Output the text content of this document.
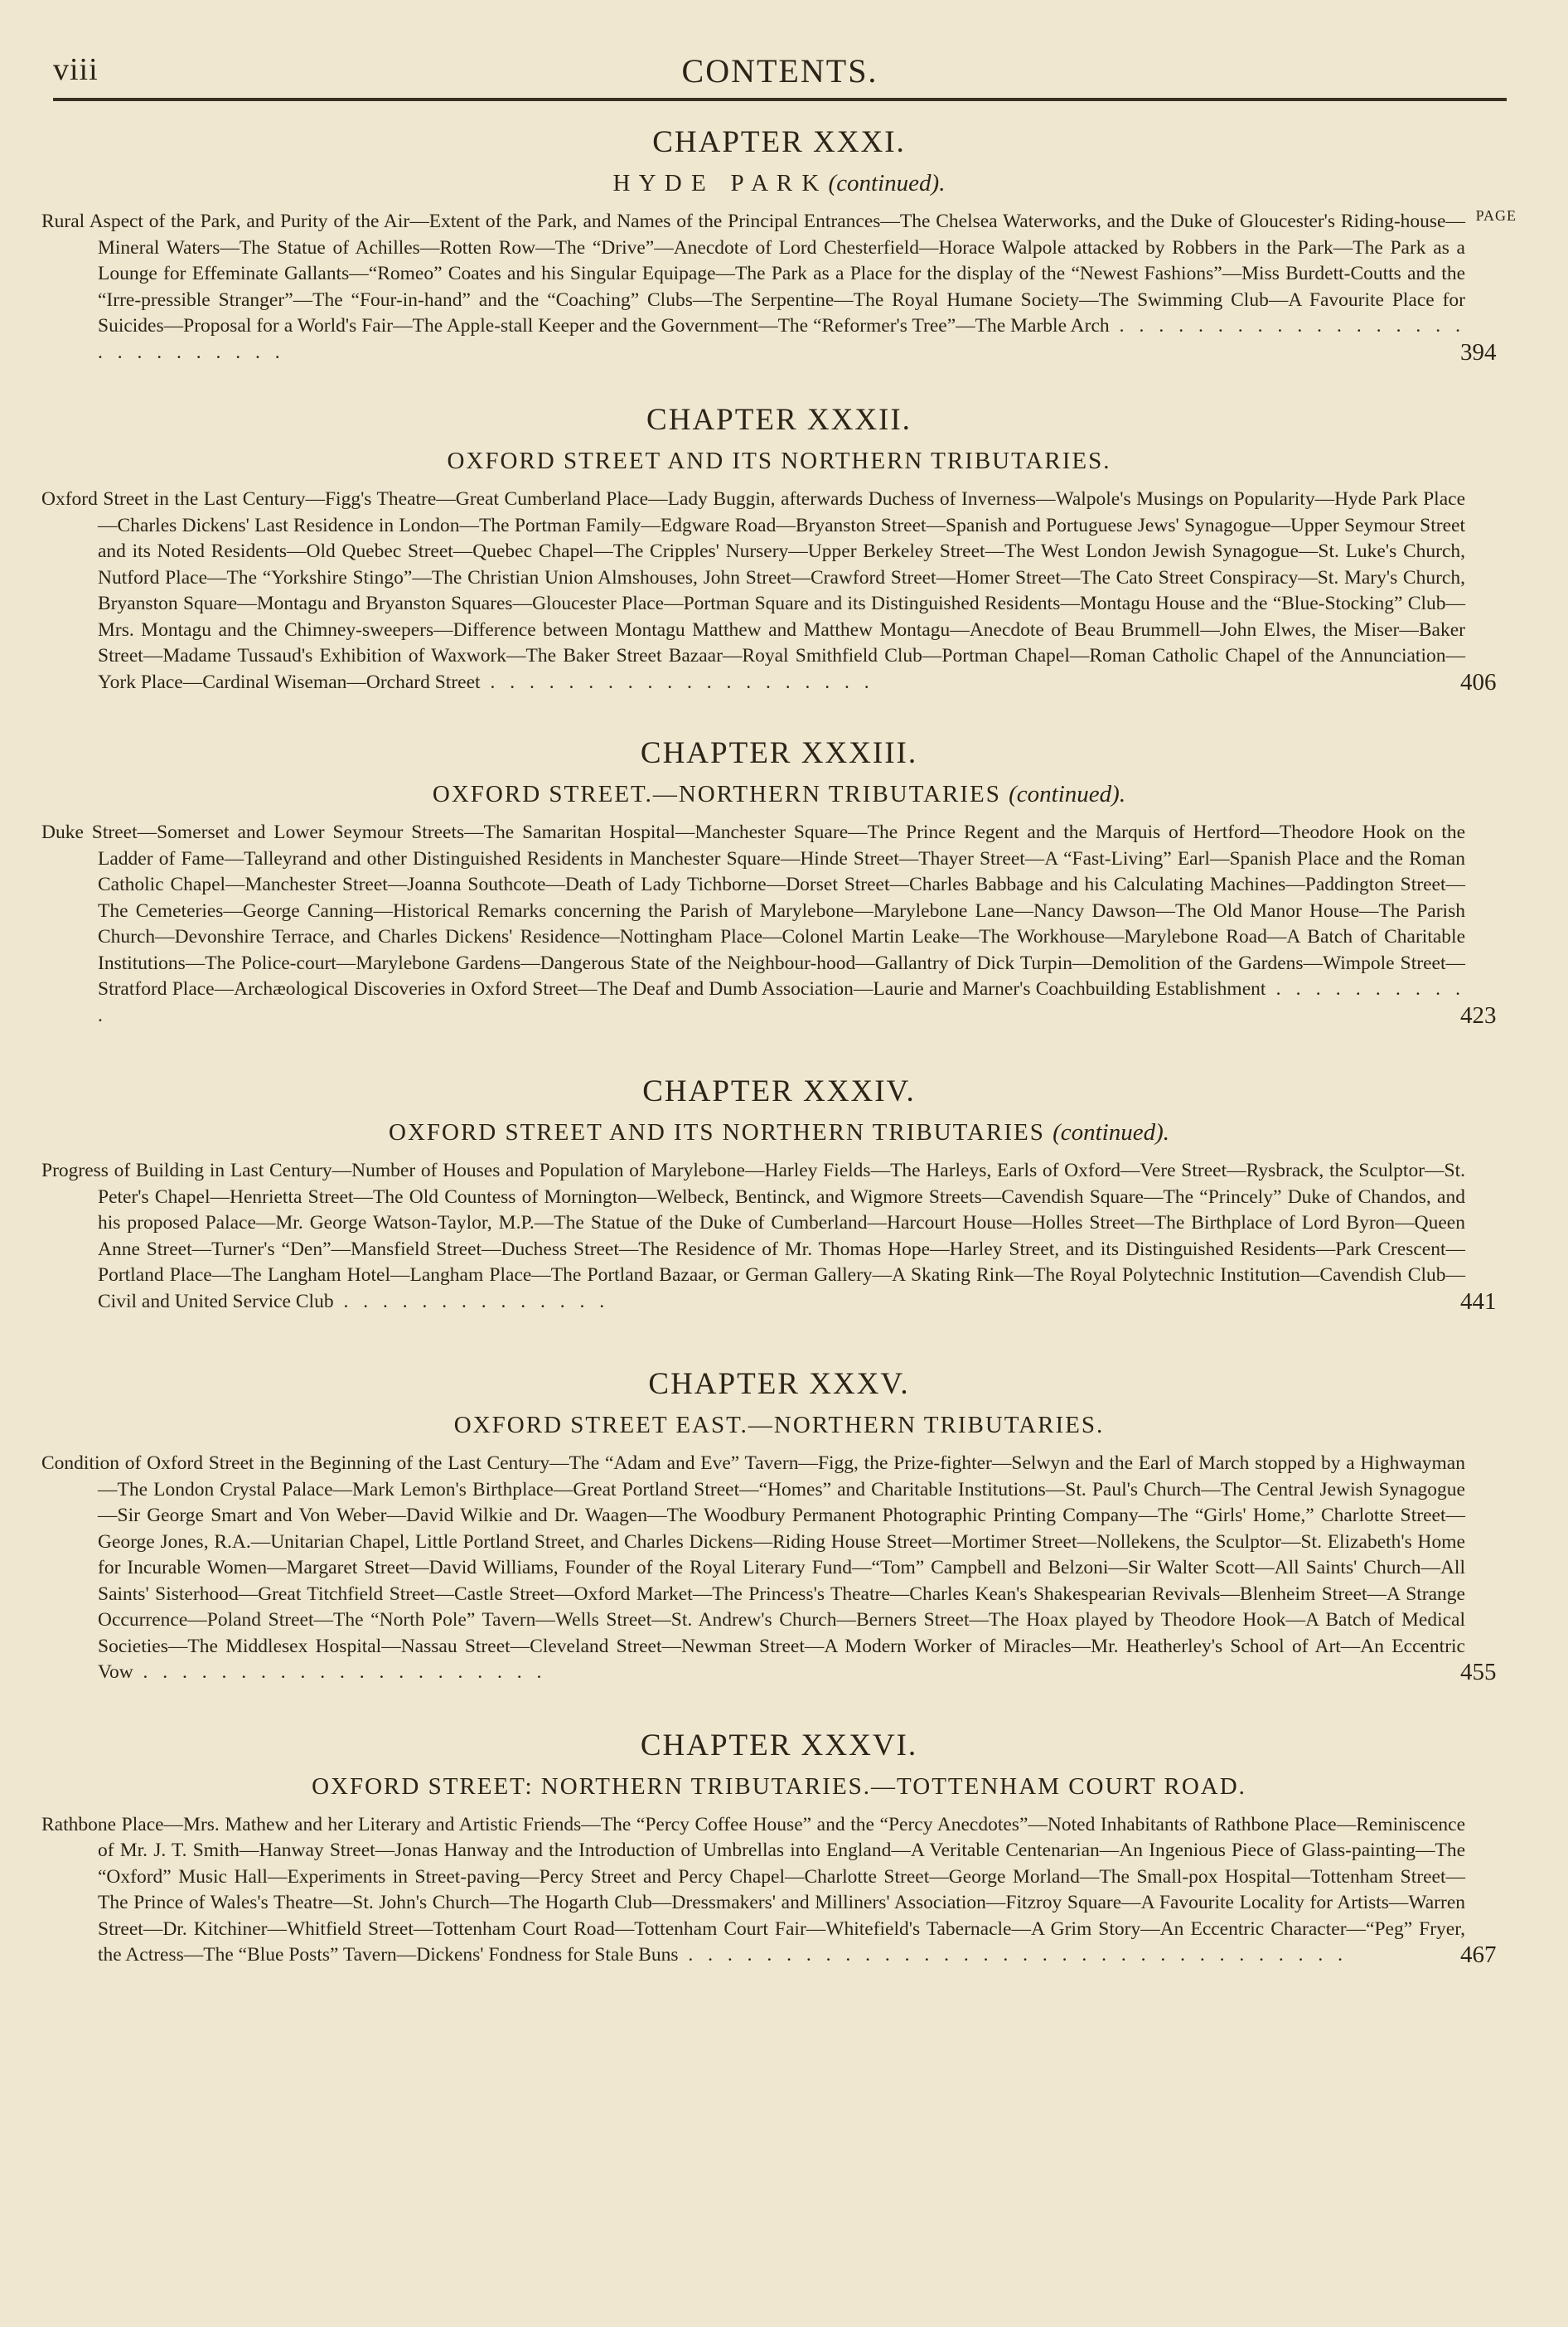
viii	CONTENTS.
PAGE
CHAPTER XXXI.
H Y D E   P A R K (continued).
Rural Aspect of the Park, and Purity of the Air—Extent of the Park, and Names of the Principal Entrances—The Chelsea Waterworks, and the Duke of Gloucester's Riding-house—Mineral Waters—The Statue of Achilles—Rotten Row—The “Drive”—Anecdote of Lord Chesterfield—Horace Walpole attacked by Robbers in the Park—The Park as a Lounge for Effeminate Gallants—“Romeo” Coates and his Singular Equipage—The Park as a Place for the display of the “Newest Fashions”—Miss Burdett-Coutts and the “Irre-pressible Stranger”—The “Four-in-hand” and the “Coaching” Clubs—The Serpentine—The Royal Humane Society—The Swimming Club—A Favourite Place for Suicides—Proposal for a World's Fair—The Apple-stall Keeper and the Government—The “Reformer's Tree”—The Marble Arch . . . . . . . . . . . . . . . . . . . . . . . . . . . .	394
CHAPTER XXXII.
OXFORD STREET AND ITS NORTHERN TRIBUTARIES.
Oxford Street in the Last Century—Figg's Theatre—Great Cumberland Place—Lady Buggin, afterwards Duchess of Inverness—Walpole's Musings on Popularity—Hyde Park Place—Charles Dickens' Last Residence in London—The Portman Family—Edgware Road—Bryanston Street—Spanish and Portuguese Jews' Synagogue—Upper Seymour Street and its Noted Residents—Old Quebec Street—Quebec Chapel—The Cripples' Nursery—Upper Berkeley Street—The West London Jewish Synagogue—St. Luke's Church, Nutford Place—The “Yorkshire Stingo”—The Christian Union Almshouses, John Street—Crawford Street—Homer Street—The Cato Street Conspiracy—St. Mary's Church, Bryanston Square—Montagu and Bryanston Squares—Gloucester Place—Portman Square and its Distinguished Residents—Montagu House and the “Blue-Stocking” Club—Mrs. Montagu and the Chimney-sweepers—Difference between Montagu Matthew and Matthew Montagu—Anecdote of Beau Brummell—John Elwes, the Miser—Baker Street—Madame Tussaud's Exhibition of Waxwork—The Baker Street Bazaar—Royal Smithfield Club—Portman Chapel—Roman Catholic Chapel of the Annunciation—York Place—Cardinal Wiseman—Orchard Street . . . . . . . . . . . . . . . . . . . .	406
CHAPTER XXXIII.
OXFORD STREET.—NORTHERN TRIBUTARIES (continued).
Duke Street—Somerset and Lower Seymour Streets—The Samaritan Hospital—Manchester Square—The Prince Regent and the Marquis of Hertford—Theodore Hook on the Ladder of Fame—Talleyrand and other Distinguished Residents in Manchester Square—Hinde Street—Thayer Street—A “Fast-Living” Earl—Spanish Place and the Roman Catholic Chapel—Manchester Street—Joanna Southcote—Death of Lady Tichborne—Dorset Street—Charles Babbage and his Calculating Machines—Paddington Street—The Cemeteries—George Canning—Historical Remarks concerning the Parish of Marylebone—Marylebone Lane—Nancy Dawson—The Old Manor House—The Parish Church—Devonshire Terrace, and Charles Dickens' Residence—Nottingham Place—Colonel Martin Leake—The Workhouse—Marylebone Road—A Batch of Charitable Institutions—The Police-court—Marylebone Gardens—Dangerous State of the Neighbour-hood—Gallantry of Dick Turpin—Demolition of the Gardens—Wimpole Street—Stratford Place—Archæological Discoveries in Oxford Street—The Deaf and Dumb Association—Laurie and Marner's Coachbuilding Establishment . . . . . . . . . . .	423
CHAPTER XXXIV.
OXFORD STREET AND ITS NORTHERN TRIBUTARIES (continued).
Progress of Building in Last Century—Number of Houses and Population of Marylebone—Harley Fields—The Harleys, Earls of Oxford—Vere Street—Rysbrack, the Sculptor—St. Peter's Chapel—Henrietta Street—The Old Countess of Mornington—Welbeck, Bentinck, and Wigmore Streets—Cavendish Square—The “Princely” Duke of Chandos, and his proposed Palace—Mr. George Watson-Taylor, M.P.—The Statue of the Duke of Cumberland—Harcourt House—Holles Street—The Birthplace of Lord Byron—Queen Anne Street—Turner's “Den”—Mansfield Street—Duchess Street—The Residence of Mr. Thomas Hope—Harley Street, and its Distinguished Residents—Park Crescent—Portland Place—The Langham Hotel—Langham Place—The Portland Bazaar, or German Gallery—A Skating Rink—The Royal Polytechnic Institution—Cavendish Club—Civil and United Service Club . . . . . . . . . . . . . .	441
CHAPTER XXXV.
OXFORD STREET EAST.—NORTHERN TRIBUTARIES.
Condition of Oxford Street in the Beginning of the Last Century—The “Adam and Eve” Tavern—Figg, the Prize-fighter—Selwyn and the Earl of March stopped by a Highwayman—The London Crystal Palace—Mark Lemon's Birthplace—Great Portland Street—“Homes” and Charitable Institutions—St. Paul's Church—The Central Jewish Synagogue—Sir George Smart and Von Weber—David Wilkie and Dr. Waagen—The Woodbury Permanent Photographic Printing Company—The “Girls' Home,” Charlotte Street—George Jones, R.A.—Unitarian Chapel, Little Portland Street, and Charles Dickens—Riding House Street—Mortimer Street—Nollekens, the Sculptor—St. Elizabeth's Home for Incurable Women—Margaret Street—David Williams, Founder of the Royal Literary Fund—“Tom” Campbell and Belzoni—Sir Walter Scott—All Saints' Church—All Saints' Sisterhood—Great Titchfield Street—Castle Street—Oxford Market—The Princess's Theatre—Charles Kean's Shakespearian Revivals—Blenheim Street—A Strange Occurrence—Poland Street—The “North Pole” Tavern—Wells Street—St. Andrew's Church—Berners Street—The Hoax played by Theodore Hook—A Batch of Medical Societies—The Middlesex Hospital—Nassau Street—Cleveland Street—Newman Street—A Modern Worker of Miracles—Mr. Heatherley's School of Art—An Eccentric Vow . . . . . . . . . . . . . . . . . . . . .	455
CHAPTER XXXVI.
OXFORD STREET: NORTHERN TRIBUTARIES.—TOTTENHAM COURT ROAD.
Rathbone Place—Mrs. Mathew and her Literary and Artistic Friends—The “Percy Coffee House” and the “Percy Anecdotes”—Noted Inhabitants of Rathbone Place—Reminiscence of Mr. J. T. Smith—Hanway Street—Jonas Hanway and the Introduction of Umbrellas into England—A Veritable Centenarian—An Ingenious Piece of Glass-painting—The “Oxford” Music Hall—Experiments in Street-paving—Percy Street and Percy Chapel—Charlotte Street—George Morland—The Small-pox Hospital—Tottenham Street—The Prince of Wales's Theatre—St. John's Church—The Hogarth Club—Dressmakers' and Milliners' Association—Fitzroy Square—A Favourite Locality for Artists—Warren Street—Dr. Kitchiner—Whitfield Street—Tottenham Court Road—Tottenham Court Fair—Whitefield's Tabernacle—A Grim Story—An Eccentric Character—“Peg” Fryer, the Actress—The “Blue Posts” Tavern—Dickens' Fondness for Stale Buns . . . . . . . . . . . . . . . . . . . . . . . . . . . . . . . . . .	467
